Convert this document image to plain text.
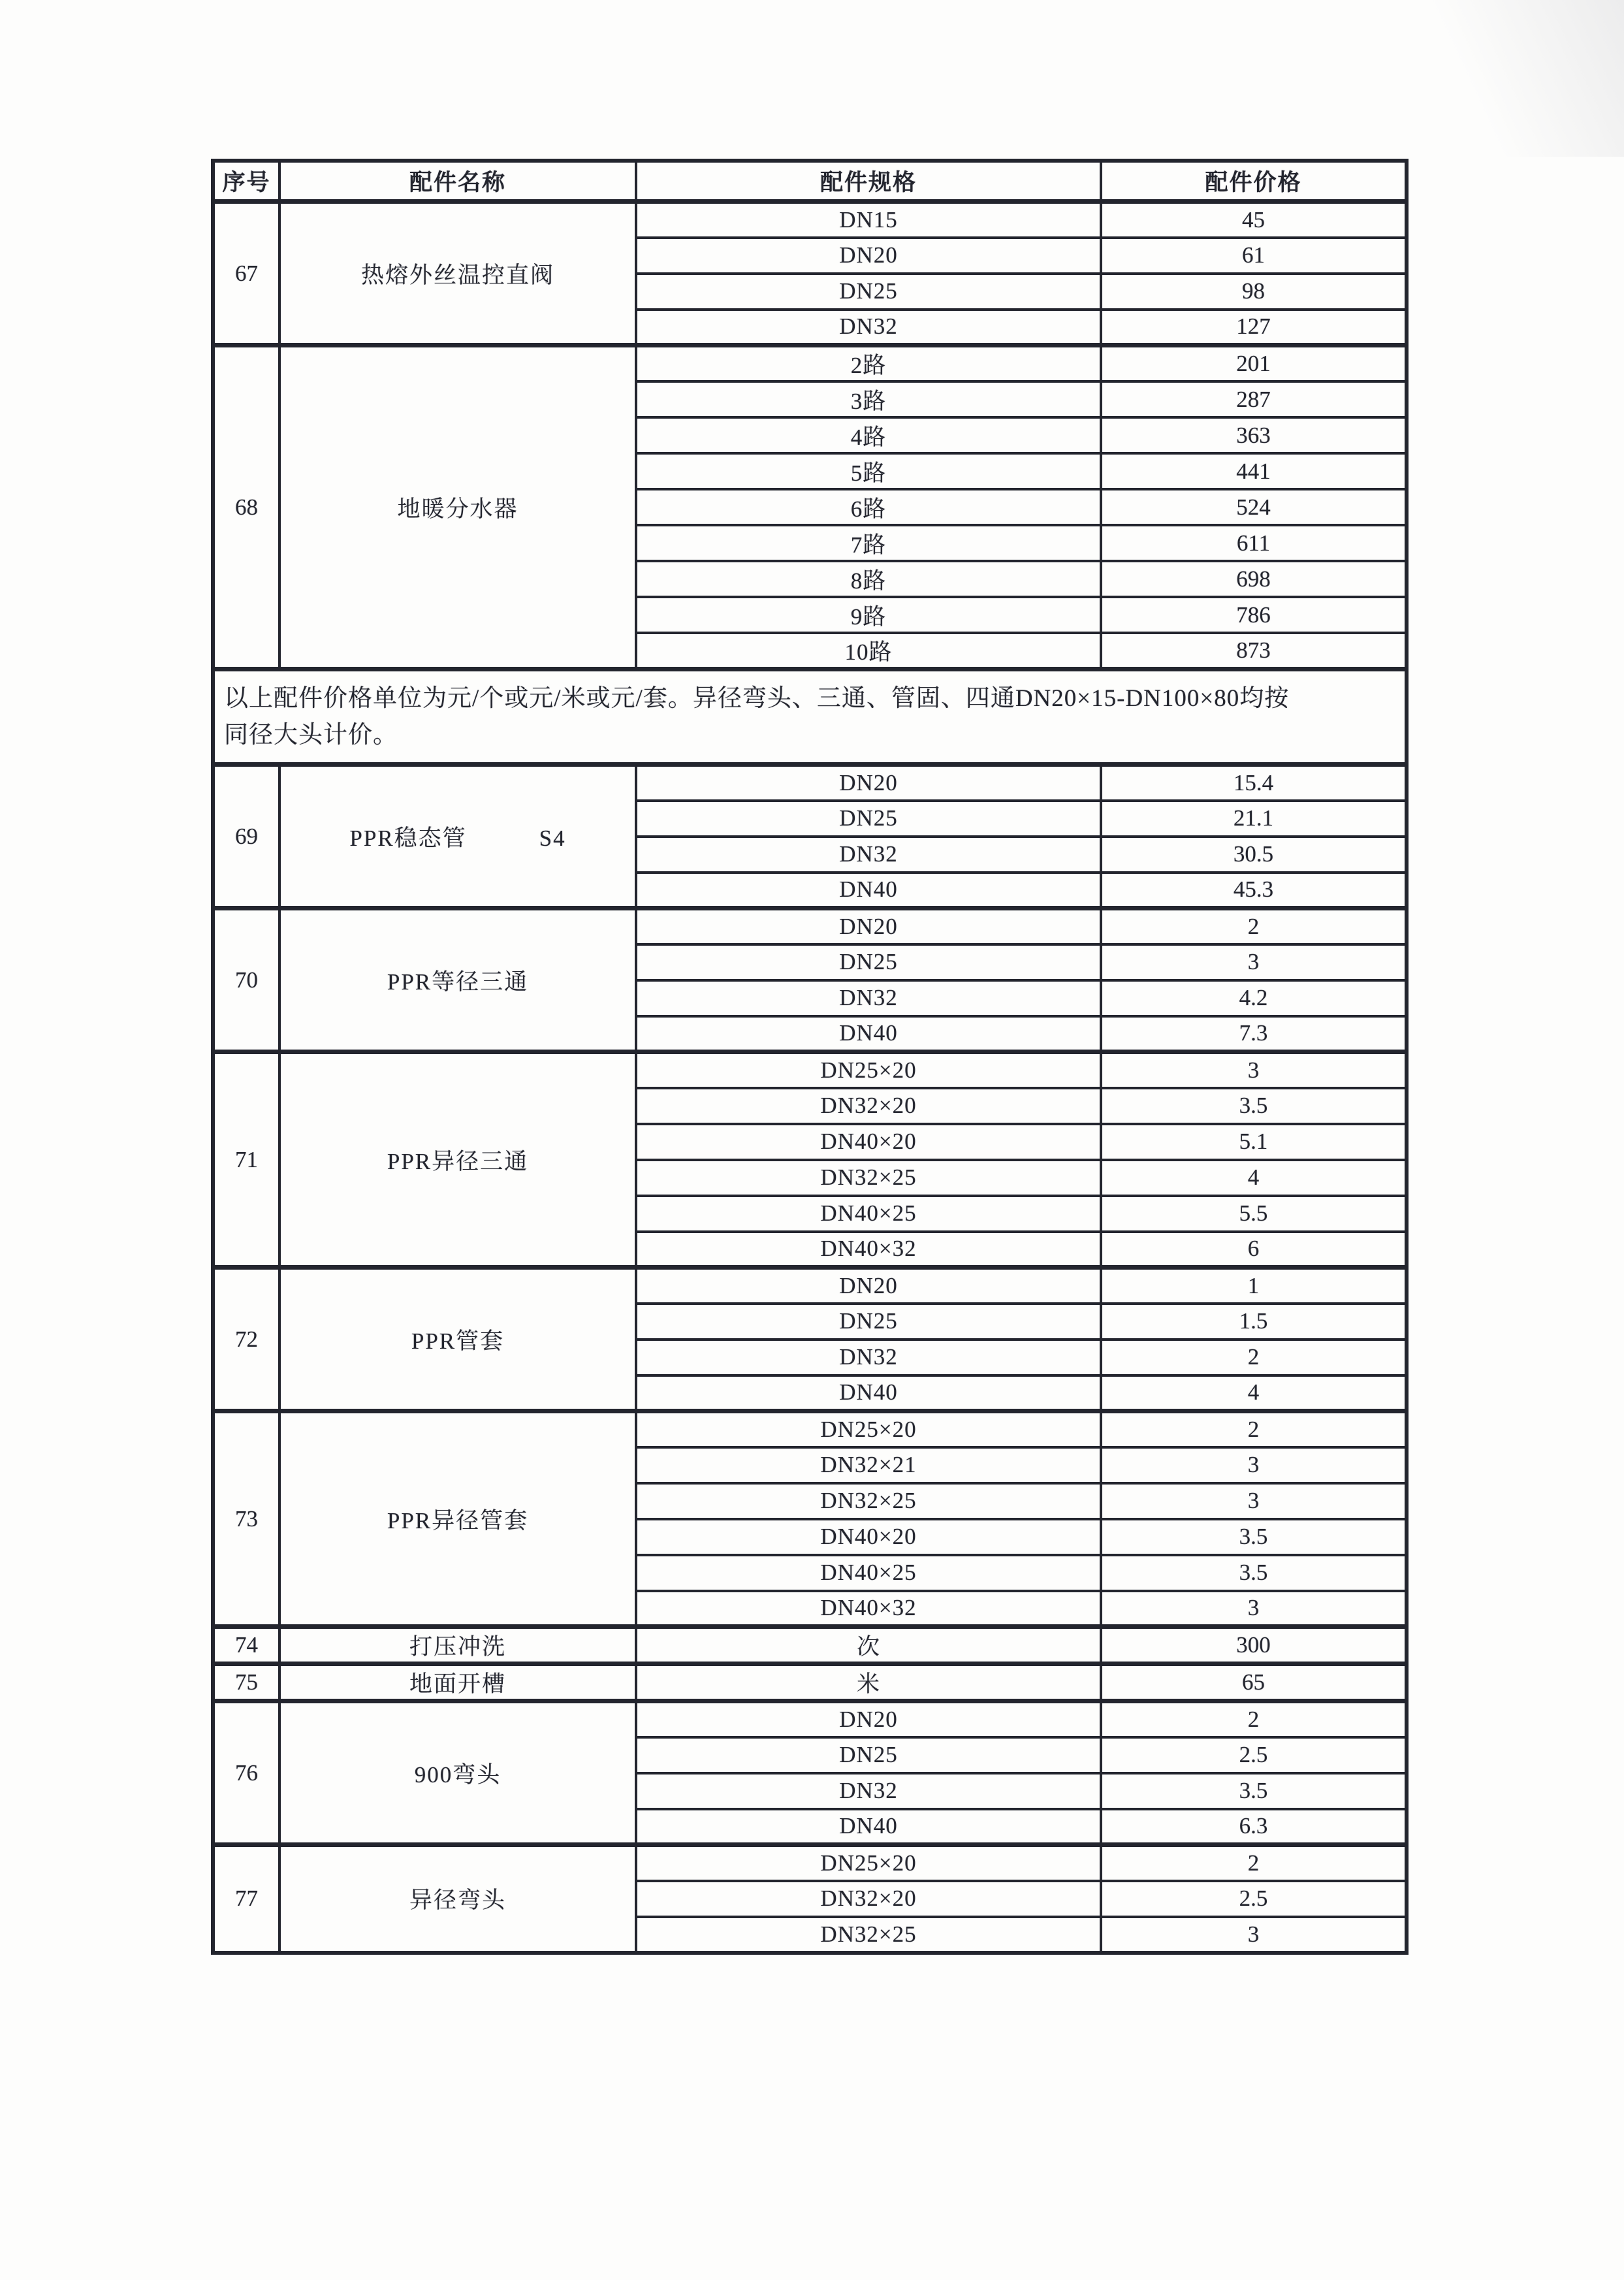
序号	配件名称	配件规格	配件价格
67	热熔外丝温控直阀	DN15	45
		DN20	61
		DN25	98
		DN32	127
68	地暖分水器	2路	201
		3路	287
		4路	363
		5路	441
		6路	524
		7路	611
		8路	698
		9路	786
		10路	873
以上配件价格单位为元/个或元/米或元/套。异径弯头、三通、管固、四通DN20×15-DN100×80均按同径大头计价。			
69	PPR稳态管　　　S4	DN20	15.4
		DN25	21.1
		DN32	30.5
		DN40	45.3
70	PPR等径三通	DN20	2
		DN25	3
		DN32	4.2
		DN40	7.3
71	PPR异径三通	DN25×20	3
		DN32×20	3.5
		DN40×20	5.1
		DN32×25	4
		DN40×25	5.5
		DN40×32	6
72	PPR管套	DN20	1
		DN25	1.5
		DN32	2
		DN40	4
73	PPR异径管套	DN25×20	2
		DN32×21	3
		DN32×25	3
		DN40×20	3.5
		DN40×25	3.5
		DN40×32	3
74	打压冲洗	次	300
75	地面开槽	米	65
76	900弯头	DN20	2
		DN25	2.5
		DN32	3.5
		DN40	6.3
77	异径弯头	DN25×20	2
		DN32×20	2.5
		DN32×25	3
